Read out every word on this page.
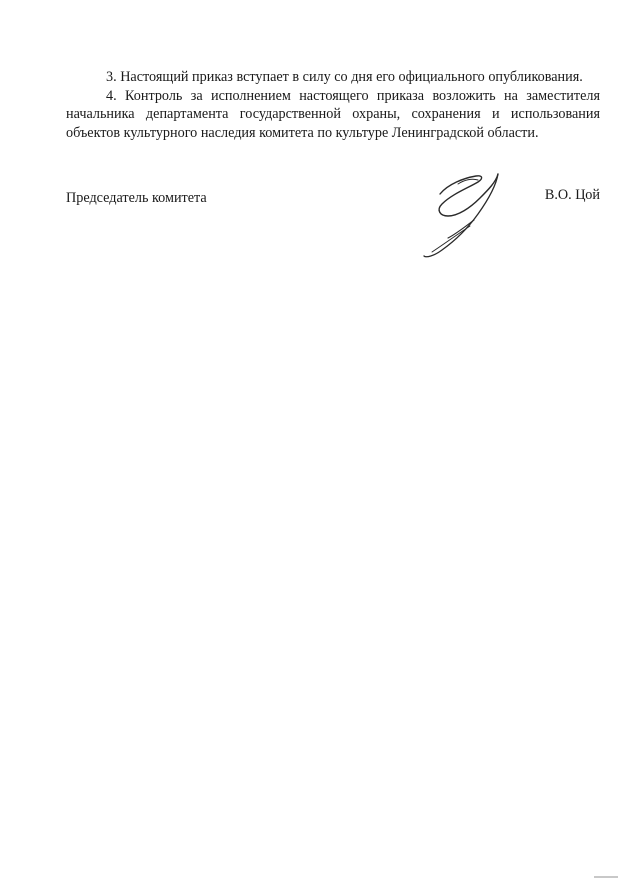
3. Настоящий приказ вступает в силу со дня его официального опубликования.

4. Контроль за исполнением настоящего приказа возложить на заместителя начальника департамента государственной охраны, сохранения и использования объектов культурного наследия комитета по культуре Ленинградской области.

Председатель комитета	В.О. Цой
